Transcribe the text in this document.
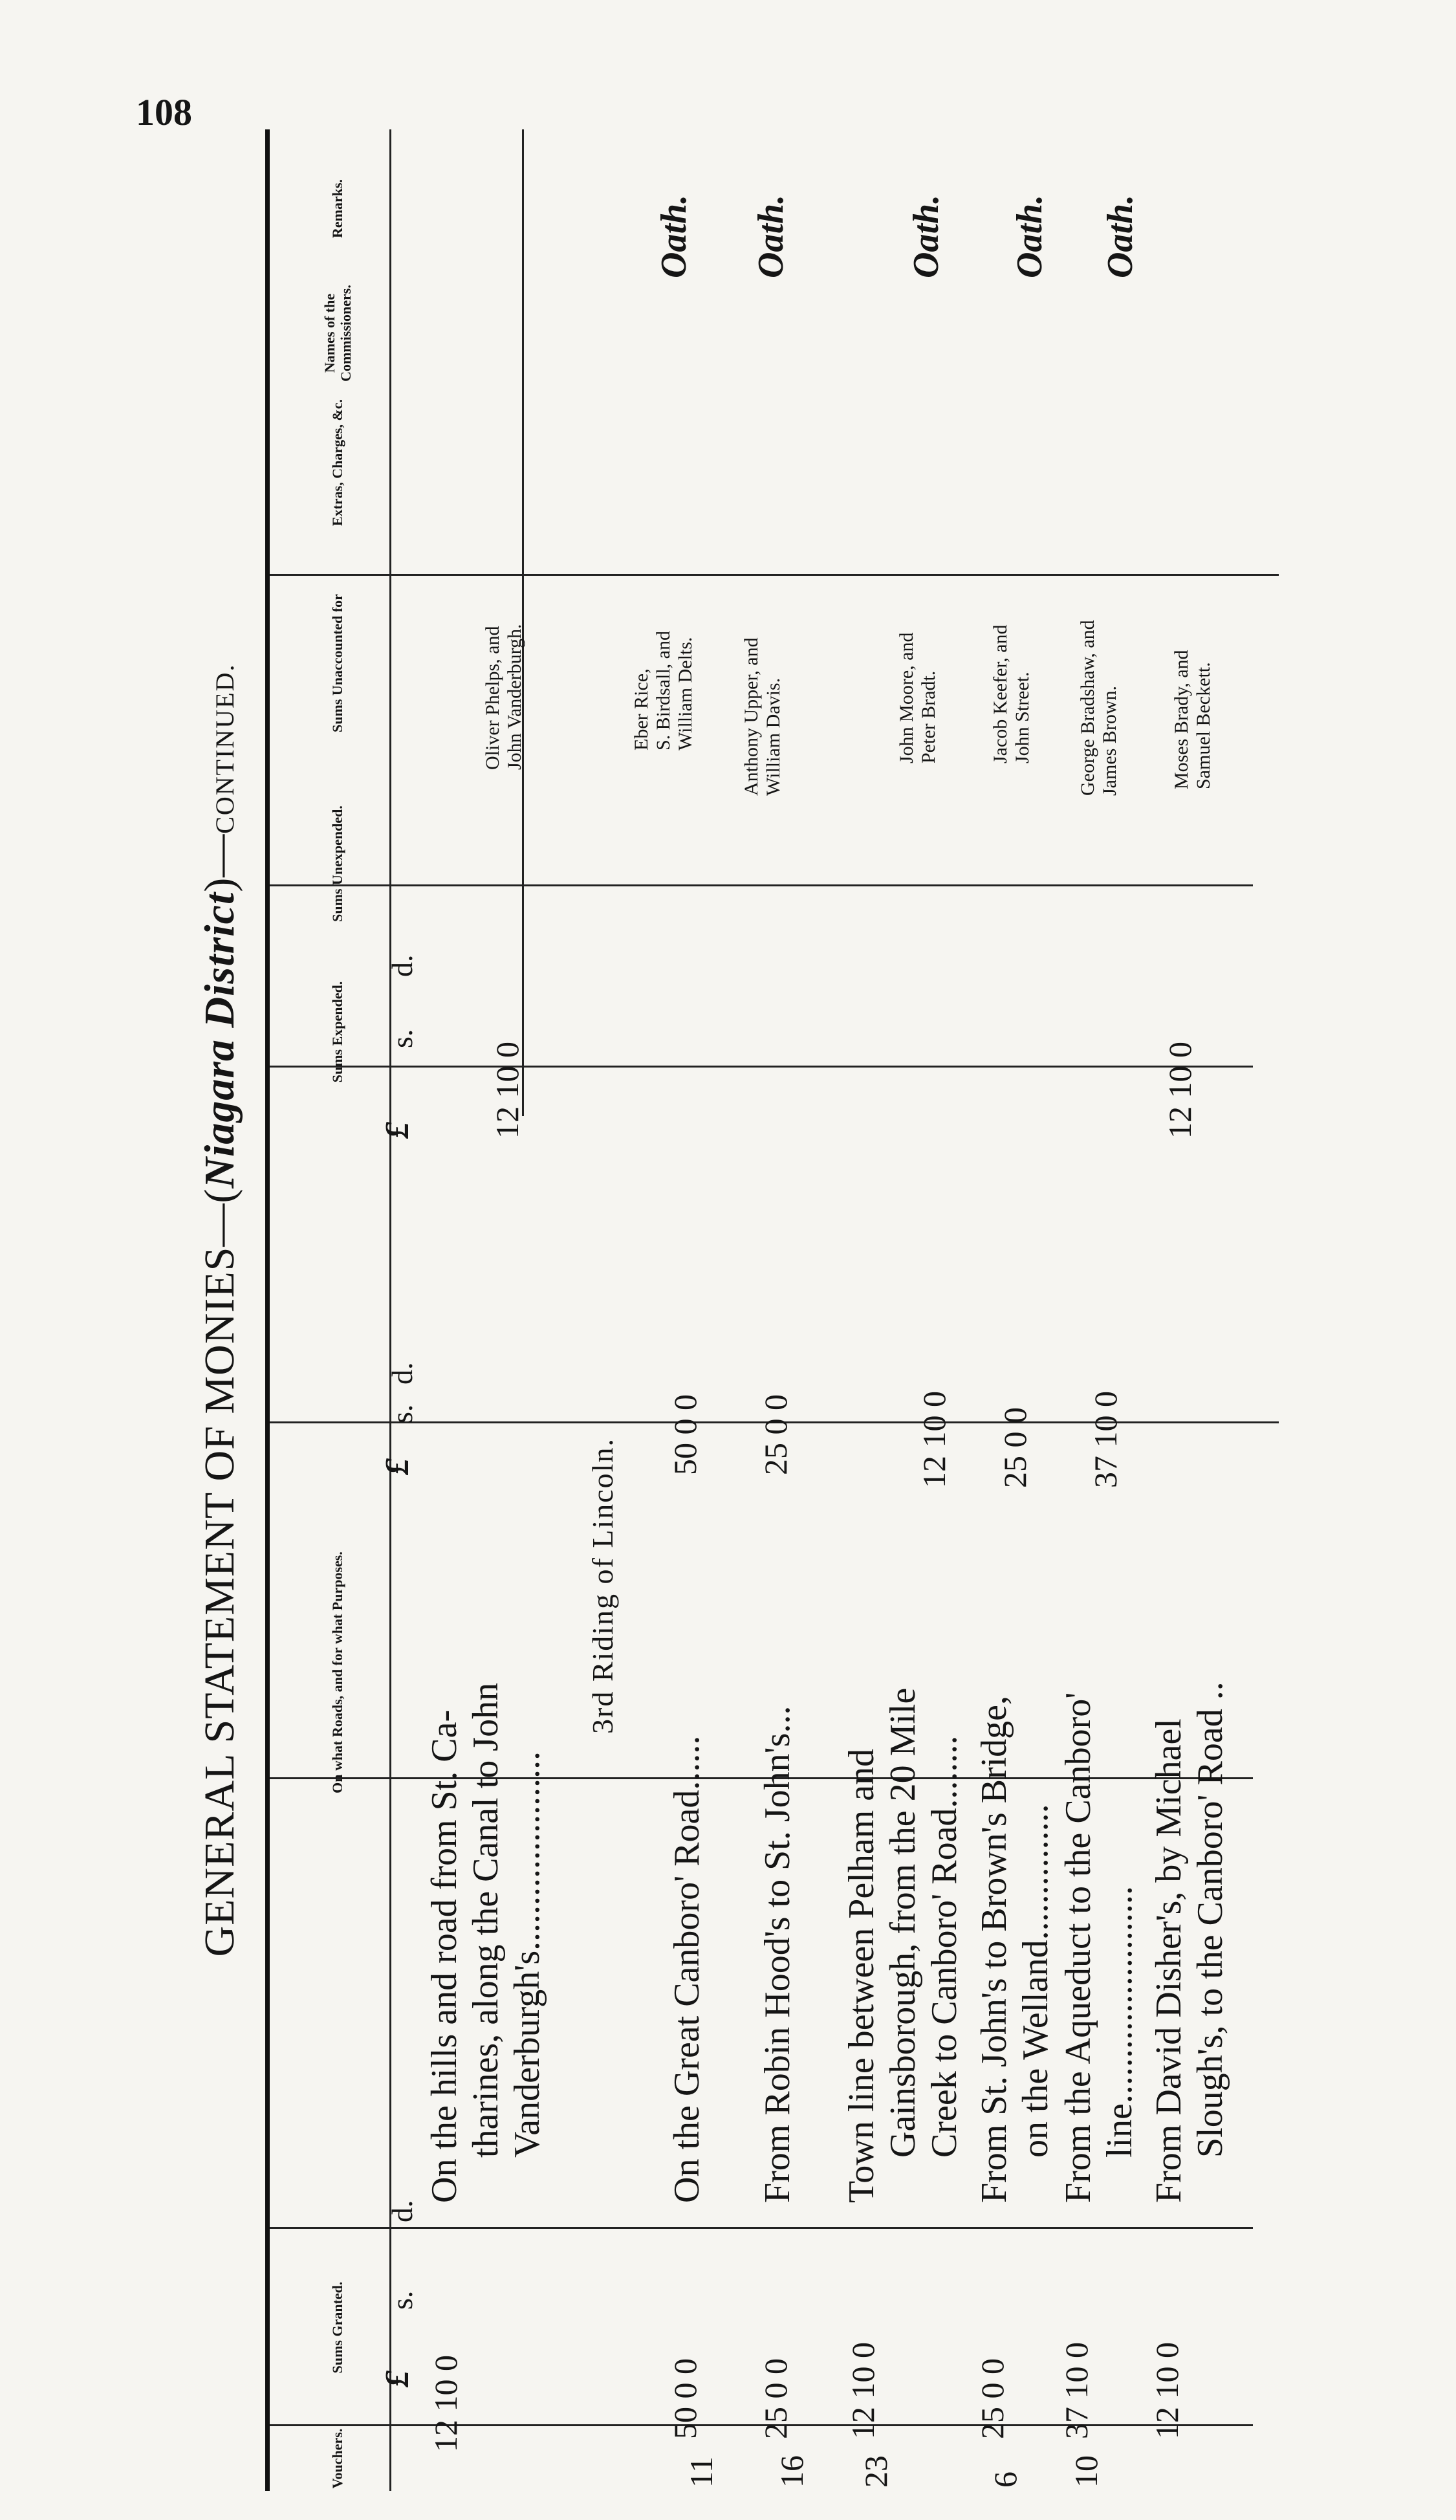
108
GENERAL STATEMENT OF MONIES—(Niagara District)—CONTINUED.
Vouchers.
Sums Granted.
On what Roads, and for what Purposes.
Sums Expended.
Sums Unexpended.
Sums Unaccounted for
Extras, Charges, &c.
Names of the Commissioners.
Remarks.
£
s.
d.
£
s.
d.
£
s.
d.
3rd Riding of Lincoln.
12 10 0
On the hills and road from St. Ca- tharines, along the Canal to John Vanderburgh's......................
12 10 0
Oliver Phelps, and John Vanderburgh.	Eber Rice, S. Birdsall, and William Delts.
Oath.
11
50 0 0
On the Great Canboro' Road......
50 0 0
16
25 0 0
From Robin Hood's to St. John's...
25 0 0
Anthony Upper, and William Davis.
Oath.
23
12 10 0
Town line between Pelham and Gainsborough, from the 20 Mile Creek to Canboro' Road........
12 10 0
John Moore, and Peter Bradt.
Oath.
6
25 0 0
From St. John's to Brown's Bridge, on the Welland...............
25 0 0
Jacob Keefer, and John Street.
Oath.
10
37 10 0
From the Aqueduct to the Canboro' line........................
37 10 0
George Bradshaw, and James Brown.
Oath.
12 10 0
From David Disher's, by Michael Slough's, to the Canboro' Road ..
12 10 0
Moses Brady, and Samuel Beckett.
